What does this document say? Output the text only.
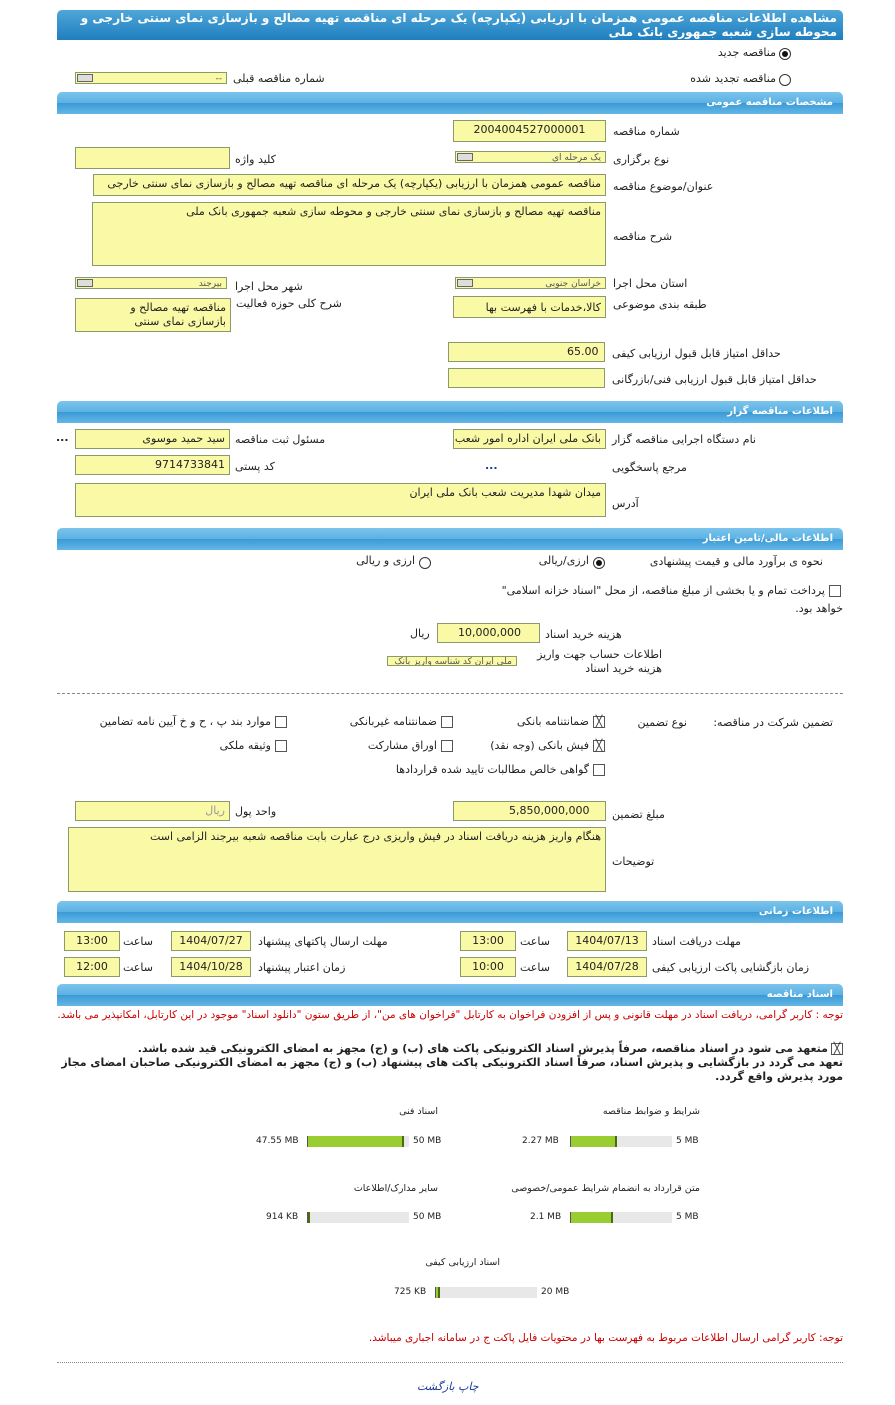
مشاهده اطلاعات مناقصه عمومی همزمان با ارزیابی (یکپارچه) یک مرحله ای مناقصه تهیه مصالح و بازسازی نمای سنتی خارجی و محوطه سازی شعبه جمهوری بانک ملی
مناقصه جدید
مناقصه تجدید شده
--	شماره مناقصه قبلی
مشخصات مناقصه عمومی
شماره مناقصه
2004004527000001
نوع برگزاری
یک مرحله ای
کلید واژه
عنوان/موضوع مناقصه
مناقصه عمومی همزمان با ارزیابی (یکپارچه) یک مرحله ای مناقصه تهیه مصالح و بازسازی نمای سنتی خارجی
شرح مناقصه
مناقصه تهیه مصالح و بازسازی نمای سنتی خارجی و محوطه سازی شعبه جمهوری بانک ملی
استان محل اجرا
خراسان جنوبی
شهر محل اجرا
بیرجند
طبقه بندی موضوعی
کالا،خدمات با فهرست بها
شرح کلی حوزه فعالیت
مناقصه تهیه مصالح و بازسازی نمای سنتی
حداقل امتیاز قابل قبول ارزیابی کیفی
65.00
حداقل امتیاز قابل قبول ارزیابی فنی/بازرگانی
اطلاعات مناقصه گزار
نام دستگاه اجرایی مناقصه گزار
بانک ملی ایران اداره امور شعب
مسئول ثبت مناقصه
سید حمید موسوی
...
مرجع پاسخگویی
...
کد پستی
9714733841
آدرس
میدان شهدا مدیریت شعب بانک ملی ایران
اطلاعات مالی/تامین اعتبار
نحوه ی برآورد مالی و قیمت پیشنهادی
ارزی/ریالی
ارزی و ریالی
پرداخت تمام و یا بخشی از مبلغ مناقصه، از محل "اسناد خزانه اسلامی"
خواهد بود.
هزینه خرید اسناد
10,000,000
ریال
اطلاعات حساب جهت واریز هزینه خرید اسناد
ملی ایران کد شناسه واریز بانک
تضمین شرکت در مناقصه:
نوع تضمین
╳
ضمانتنامه بانکی
ضمانتنامه غیربانکی
موارد بند پ ، ح و خ آیین نامه تضامین
╳
فیش بانکی (وجه نقد)
اوراق مشارکت
وثیقه ملکی
گواهی خالص مطالبات تایید شده قراردادها
مبلغ تضمین
5,850,000,000
واحد پول
ریال
توضیحات
هنگام واریز هزینه دریافت اسناد در فیش واریزی درج عبارت بابت مناقصه شعبه بیرجند الزامی است
اطلاعات زمانی
مهلت دریافت اسناد
1404/07/13
ساعت
13:00
مهلت ارسال پاکتهای پیشنهاد
1404/07/27
ساعت
13:00
زمان بازگشایی پاکت ارزیابی کیفی
1404/07/28
ساعت
10:00
زمان اعتبار پیشنهاد
1404/10/28
ساعت
12:00
اسناد مناقصه
توجه : کاربر گرامی، دریافت اسناد در مهلت قانونی و پس از افزودن فراخوان به کارتابل "فراخوان های من"، از طریق ستون "دانلود اسناد" موجود در این کارتابل، امکانپذیر می باشد.
╳متعهد می شود در اسناد مناقصه، صرفاً پذیرش اسناد الکترونیکی پاکت های (ب) و (ج) مجهز به امضای الکترونیکی قید شده باشد.
تعهد می گردد در بازگشایی و پذیرش اسناد، صرفاً اسناد الکترونیکی پاکت های پیشنهاد (ب) و (ج) مجهز به امضای الکترونیکی صاحبان امضای مجاز مورد پذیرش واقع گردد.
شرایط و ضوابط مناقصه
2.27 MB	5 MB
اسناد فنی
47.55 MB	50 MB
متن قرارداد به انضمام شرایط عمومی/خصوصی
2.1 MB	5 MB
سایر مدارک/اطلاعات
914 KB	50 MB
اسناد ارزیابی کیفی
725 KB	20 MB
توجه: کاربر گرامی ارسال اطلاعات مربوط به فهرست بها در محتویات فایل پاکت ج در سامانه اجباری میباشد.
چاپ بازگشت
